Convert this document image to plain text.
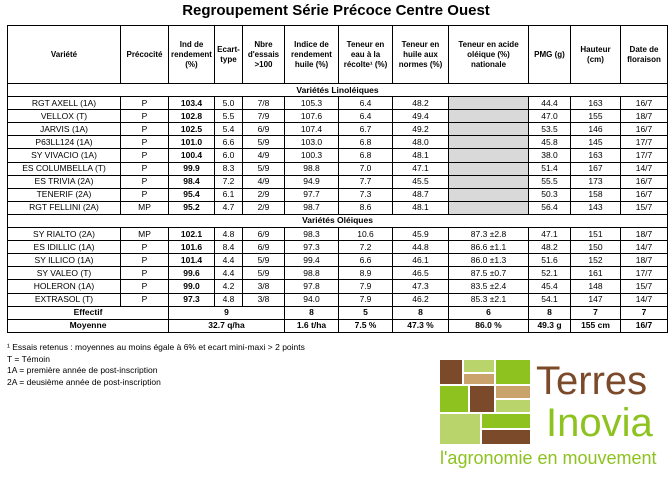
Regroupement Série Précoce Centre Ouest
Variété	Précocité	Ind de rendement (%)	Ecart-type	Nbre d'essais >100	Indice de rendement huile (%)	Teneur en eau à la récolte¹ (%)	Teneur en huile aux normes (%)	Teneur en acide oléique (%) nationale	PMG (g)	Hauteur (cm)	Date de floraison
Variétés Linoléiques											
RGT AXELL (1A)	P	103.4	5.0	7/8	105.3	6.4	48.2		44.4	163	16/7
VELLOX (T)	P	102.8	5.5	7/9	107.6	6.4	49.4		47.0	155	18/7
JARVIS (1A)	P	102.5	5.4	6/9	107.4	6.7	49.2		53.5	146	16/7
P63LL124 (1A)	P	101.0	6.6	5/9	103.0	6.8	48.0		45.8	145	17/7
SY VIVACIO (1A)	P	100.4	6.0	4/9	100.3	6.8	48.1		38.0	163	17/7
ES COLUMBELLA (T)	P	99.9	8.3	5/9	98.8	7.0	47.1		51.4	167	14/7
ES TRIVIA (2A)	P	98.4	7.2	4/9	94.9	7.7	45.5		55.5	173	16/7
TENERIF (2A)	P	95.4	6.1	2/9	97.7	7.3	48.7		50.3	158	16/7
RGT FELLINI (2A)	MP	95.2	4.7	2/9	98.7	8.6	48.1		56.4	143	15/7
Variétés Oléiques											
SY RIALTO (2A)	MP	102.1	4.8	6/9	98.3	10.6	45.9	87.3 ±2.8	47.1	151	18/7
ES IDILLIC (1A)	P	101.6	8.4	6/9	97.3	7.2	44.8	86.6 ±1.1	48.2	150	14/7
SY ILLICO (1A)	P	101.4	4.4	5/9	99.4	6.6	46.1	86.0 ±1.3	51.6	152	18/7
SY VALEO (T)	P	99.6	4.4	5/9	98.8	8.9	46.5	87.5 ±0.7	52.1	161	17/7
HOLERON (1A)	P	99.0	4.2	3/8	97.8	7.9	47.3	83.5 ±2.4	45.4	148	15/7
EXTRASOL (T)	P	97.3	4.8	3/8	94.0	7.9	46.2	85.3 ±2.1	54.1	147	14/7
Effectif		9			8	5	8	6	8	7	7
Moyenne		32.7 q/ha			1.6 t/ha	7.5 %	47.3 %	86.0 %	49.3 g	155 cm	16/7
¹ Essais retenus : moyennes au moins égale à 6% et ecart mini-maxi > 2 points
T = Témoin
1A = première année de post-inscription
2A = deusième année de post-inscription	Terres
Inovia
l'agronomie en mouvement
